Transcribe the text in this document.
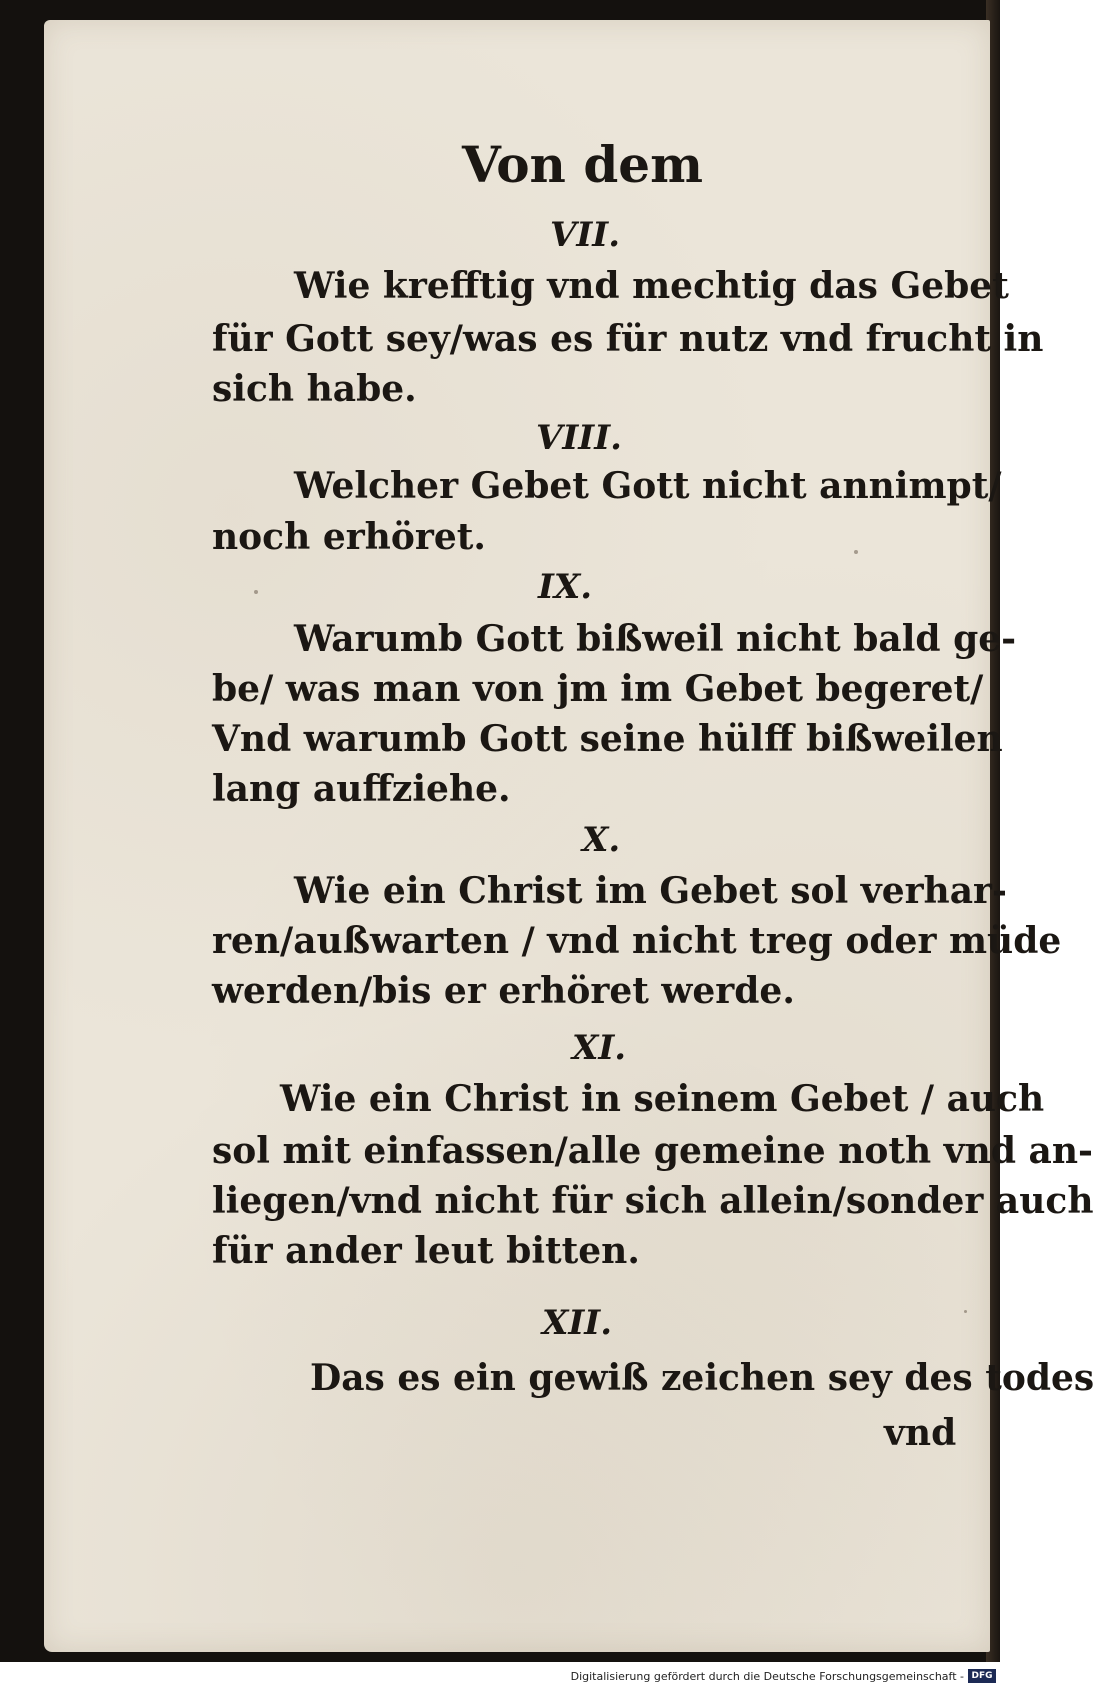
Von dem
VII.
Wie krefftig vnd mechtig das Gebet
für Gott sey/was es für nutz vnd frucht in
sich habe.
VIII.
Welcher Gebet Gott nicht annimpt/
noch erhöret.
IX.
Warumb Gott bißweil nicht bald ge-
be/ was man von jm im Gebet begeret/
Vnd warumb Gott seine hülff bißweilen
lang auffziehe.
X.
Wie ein Christ im Gebet sol verhar-
ren/außwarten / vnd nicht treg oder müde
werden/bis er erhöret werde.
XI.
Wie ein Christ in seinem Gebet / auch
sol mit einfassen/alle gemeine noth vnd an-
liegen/vnd nicht für sich allein/sonder auch
für ander leut bitten.
XII.
Das es ein gewiß zeichen sey des todes
vnd
Digitalisierung gefördert durch die Deutsche Forschungsgemeinschaft - DFG
